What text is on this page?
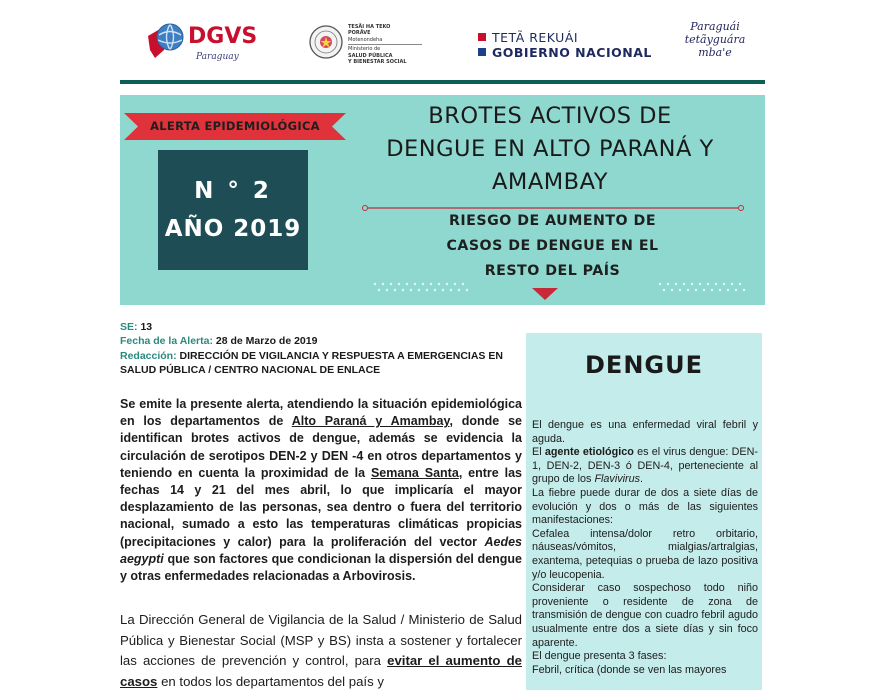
DGVS
Paraguay
TESÃI HA TEKO
PORÃVE
Motenondeha
Ministerio de
SALUD PÚBLICA
Y BIENESTAR SOCIAL
TETÃ REKUÁI
GOBIERNO NACIONAL
Paraguái
tetãyguára
mba'e
ALERTA EPIDEMIOLÓGICA
N ° 2
AÑO 2019
BROTES ACTIVOS DE
DENGUE EN ALTO PARANÁ Y
AMAMBAY
RIESGO DE AUMENTO DE
CASOS DE DENGUE EN EL
RESTO DEL PAÍS
SE: 13
Fecha de la Alerta: 28 de Marzo de 2019
Redacción: DIRECCIÓN DE VIGILANCIA Y RESPUESTA A EMERGENCIAS EN
SALUD PÚBLICA / CENTRO NACIONAL DE ENLACE
Se emite la presente alerta, atendiendo la situación epidemiológica en los departamentos de Alto Paraná y Amambay, donde se identifican brotes activos de dengue, además se evidencia la circulación de serotipos DEN-2 y DEN -4 en otros departamentos y teniendo en cuenta la proximidad de la Semana Santa, entre las fechas 14 y 21 del mes abril, lo que implicaría el mayor desplazamiento de las personas, sea dentro o fuera del territorio nacional, sumado a esto las temperaturas climáticas propicias (precipitaciones y calor) para la proliferación del vector Aedes aegypti que son factores que condicionan la dispersión del dengue y otras enfermedades relacionadas a Arbovirosis.
La Dirección General de Vigilancia de la Salud / Ministerio de Salud Pública y Bienestar Social (MSP y BS) insta a sostener y fortalecer las acciones de prevención y control, para evitar el aumento de casos en todos los departamentos del país y
DENGUE

El dengue es una enfermedad viral febril y aguda.

El agente etiológico es el virus dengue: DEN-1, DEN-2, DEN-3 ó DEN-4, perteneciente al grupo de los Flavivirus.

La fiebre puede durar de dos a siete días de evolución y dos o más de las siguientes manifestaciones:

Cefalea intensa/dolor retro orbitario, náuseas/vómitos, mialgias/artralgias, exantema, petequias o prueba de lazo positiva y/o leucopenia.

Considerar caso sospechoso todo niño proveniente o residente de zona de transmisión de dengue con cuadro febril agudo usualmente entre dos a siete días y sin foco aparente.

El dengue presenta 3 fases:

Febril, crítica (donde se ven las mayores
